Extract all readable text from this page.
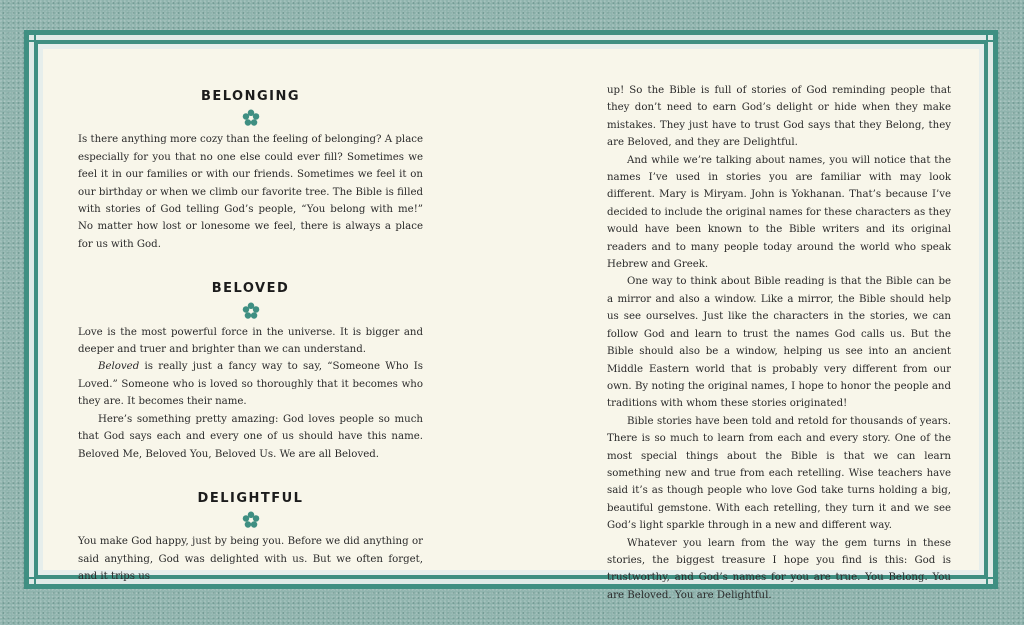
BELONGING

Is there anything more cozy than the feeling of belonging? A place especially for you that no one else could ever fill? Sometimes we feel it in our families or with our friends. Sometimes we feel it on our birthday or when we climb our favorite tree. The Bible is filled with stories of God telling God’s people, “You belong with me!” No matter how lost or lonesome we feel, there is always a place for us with God.

BELOVED

Love is the most powerful force in the universe. It is bigger and deeper and truer and brighter than we can understand.

Beloved is really just a fancy way to say, “Someone Who Is Loved.” Someone who is loved so thoroughly that it becomes who they are. It becomes their name.

Here’s something pretty amazing: God loves people so much that God says each and every one of us should have this name. Beloved Me, Beloved You, Beloved Us. We are all Beloved.

DELIGHTFUL

You make God happy, just by being you. Before we did anything or said anything, God was delighted with us. But we often forget, and it trips us

up! So the Bible is full of stories of God reminding people that they don’t need to earn God’s delight or hide when they make mistakes. They just have to trust God says that they Belong, they are Beloved, and they are Delightful.

And while we’re talking about names, you will notice that the names I’ve used in stories you are familiar with may look different. Mary is Miryam. John is Yokhanan. That’s because I’ve decided to include the original names for these characters as they would have been known to the Bible writers and its original readers and to many people today around the world who speak Hebrew and Greek.

One way to think about Bible reading is that the Bible can be a mirror and also a window. Like a mirror, the Bible should help us see ourselves. Just like the characters in the stories, we can follow God and learn to trust the names God calls us. But the Bible should also be a window, helping us see into an ancient Middle Eastern world that is probably very different from our own. By noting the original names, I hope to honor the people and traditions with whom these stories originated!

Bible stories have been told and retold for thousands of years. There is so much to learn from each and every story. One of the most special things about the Bible is that we can learn something new and true from each retelling. Wise teachers have said it’s as though people who love God take turns holding a big, beautiful gemstone. With each retelling, they turn it and we see God’s light sparkle through in a new and different way.

Whatever you learn from the way the gem turns in these stories, the biggest treasure I hope you find is this: God is trustworthy, and God’s names for you are true. You Belong. You are Beloved. You are Delightful.
